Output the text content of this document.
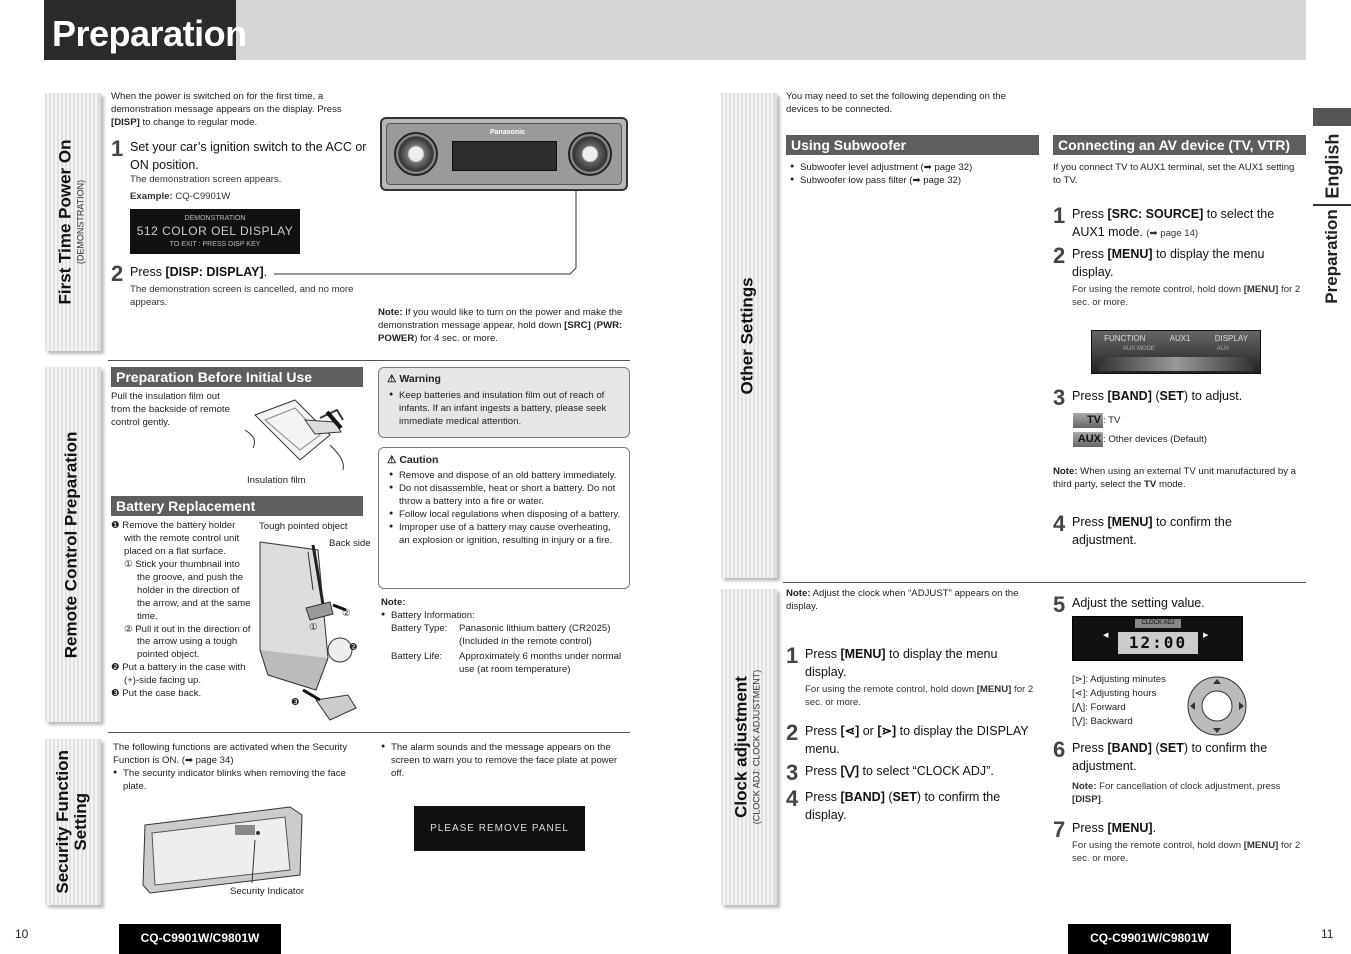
Preparation
English
Preparation
First Time Power On (DEMONSTRATION)
When the power is switched on for the first time, a demonstration message appears on the display. Press [DISP] to change to regular mode.
1 Set your car’s ignition switch to the ACC or ON position.
The demonstration screen appears.
Example: CQ-C9901W
DEMONSTRATION
512 COLOR OEL DISPLAY
TO EXIT : PRESS DISP KEY
2 Press [DISP: DISPLAY].
The demonstration screen is cancelled, and no more appears.
Panasonic
Note: If you would like to turn on the power and make the demonstration message appear, hold down [SRC] (PWR: POWER) for 4 sec. or more.
Remote Control Preparation
Preparation Before Initial Use
Pull the insulation film out from the backside of remote control gently.
Insulation film
Battery Replacement
❶ Remove the battery holder with the remote control unit placed on a flat surface.
① Stick your thumbnail into the groove, and push the holder in the direction of the arrow, and at the same time.
② Pull it out in the direction of the arrow using a tough pointed object.
❷ Put a battery in the case with (+)-side facing up.
❸ Put the case back.
Tough pointed object
Back side
①
②
❷
❸
⚠ Warning
● Keep batteries and insulation film out of reach of infants. If an infant ingests a battery, please seek immediate medical attention.
⚠ Caution
● Remove and dispose of an old battery immediately.
● Do not disassemble, heat or short a battery. Do not throw a battery into a fire or water.
● Follow local regulations when disposing of a battery.
● Improper use of a battery may cause overheating, an explosion or ignition, resulting in injury or a fire.
Note:
● Battery Information:
Battery Type:	Panasonic lithium battery (CR2025) (Included in the remote control)
Battery Life:	Approximately 6 months under normal use (at room temperature)
Security Function
Setting
The following functions are activated when the Security Function is ON. (➡ page 34)
● The security indicator blinks when removing the face plate.
Security Indicator
● The alarm sounds and the message appears on the screen to warn you to remove the face plate at power off.
PLEASE REMOVE PANEL
10	CQ-C9901W/C9801W
Other Settings
You may need to set the following depending on the devices to be connected.
Using Subwoofer
● Subwoofer level adjustment (➡ page 32)
● Subwoofer low pass filter (➡ page 32)
Connecting an AV device (TV, VTR)
If you connect TV to AUX1 terminal, set the AUX1 setting to TV.
1 Press [SRC: SOURCE] to select the AUX1 mode. (➡ page 14)
2 Press [MENU] to display the menu display.
For using the remote control, hold down [MENU] for 2 sec. or more.
FUNCTION	AUX1	DISPLAY
AUX MODE	AUX
3 Press [BAND] (SET) to adjust.
TV : TV
AUX : Other devices (Default)
Note: When using an external TV unit manufactured by a third party, select the TV mode.
4 Press [MENU] to confirm the adjustment.
Clock adjustment (CLOCK ADJ: CLOCK ADJUSTMENT)
Note: Adjust the clock when “ADJUST” appears on the display.
1 Press [MENU] to display the menu display.
For using the remote control, hold down [MENU] for 2 sec. or more.
2 Press [⋖] or [⋗] to display the DISPLAY menu.
3 Press [⋁] to select “CLOCK ADJ”.
4 Press [BAND] (SET) to confirm the display.
5 Adjust the setting value.
CLOCK ADJ
◀	▶
12:00
[⋗]: Adjusting minutes
[⋖]: Adjusting hours
[⋀]: Forward
[⋁]: Backward
6 Press [BAND] (SET) to confirm the adjustment.
Note: For cancellation of clock adjustment, press [DISP].
7 Press [MENU].
For using the remote control, hold down [MENU] for 2 sec. or more.
CQ-C9901W/C9801W	11
